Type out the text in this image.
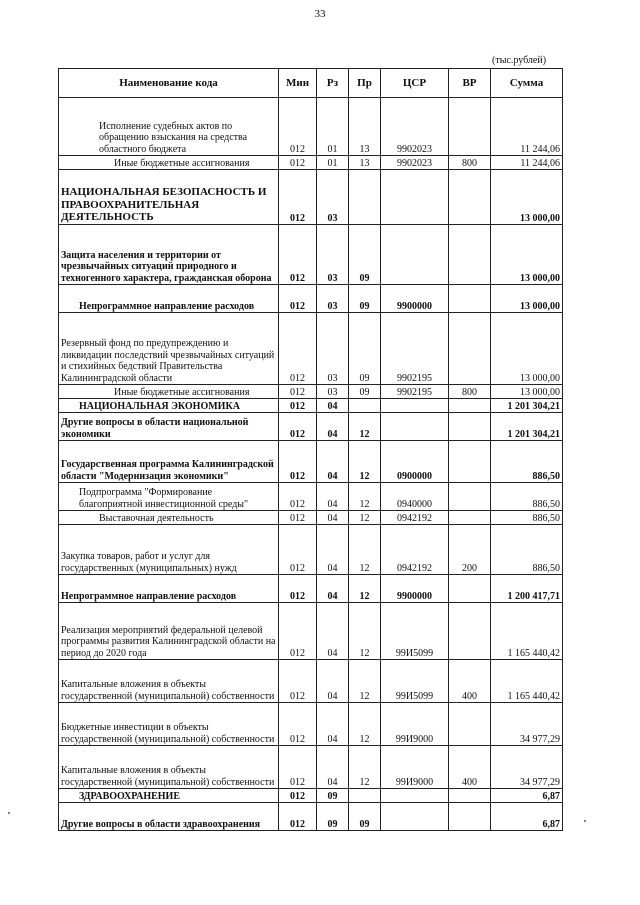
33
(тыс.рублей)
Наименование кода	Мин	Рз	Пр	ЦСР	ВР	Сумма
Исполнение судебных актов по обращению взыскания на средства областного бюджета	012	01	13	9902023		11 244,06
Иные бюджетные ассигнования	012	01	13	9902023	800	11 244,06
НАЦИОНАЛЬНАЯ БЕЗОПАСНОСТЬ И ПРАВООХРАНИТЕЛЬНАЯ ДЕЯТЕЛЬНОСТЬ	012	03				13 000,00
Защита населения и территории от чрезвычайных ситуаций природного и техногенного характера, гражданская оборона	012	03	09			13 000,00
Непрограммное направление расходов	012	03	09	9900000		13 000,00
Резервный фонд по предупреждению и ликвидации последствий чрезвычайных ситуаций и стихийных бедствий Правительства Калининградской области	012	03	09	9902195		13 000,00
Иные бюджетные ассигнования	012	03	09	9902195	800	13 000,00
НАЦИОНАЛЬНАЯ ЭКОНОМИКА	012	04				1 201 304,21
Другие вопросы в области национальной экономики	012	04	12			1 201 304,21
Государственная программа Калининградской области "Модернизация экономики"	012	04	12	0900000		886,50
Подпрограмма "Формирование благоприятной инвестиционной среды"	012	04	12	0940000		886,50
Выставочная деятельность	012	04	12	0942192		886,50
Закупка товаров, работ и услуг для государственных (муниципальных) нужд	012	04	12	0942192	200	886,50
Непрограммное направление расходов	012	04	12	9900000		1 200 417,71
Реализация мероприятий федеральной целевой программы развития Калининградской области на период до 2020 года	012	04	12	99И5099		1 165 440,42
Капитальные вложения в объекты государственной (муниципальной) собственности	012	04	12	99И5099	400	1 165 440,42
Бюджетные инвестиции в объекты государственной (муниципальной) собственности	012	04	12	99И9000		34 977,29
Капитальные вложения в объекты государственной (муниципальной) собственности	012	04	12	99И9000	400	34 977,29
ЗДРАВООХРАНЕНИЕ	012	09				6,87
Другие вопросы в области здравоохранения	012	09	09			6,87
